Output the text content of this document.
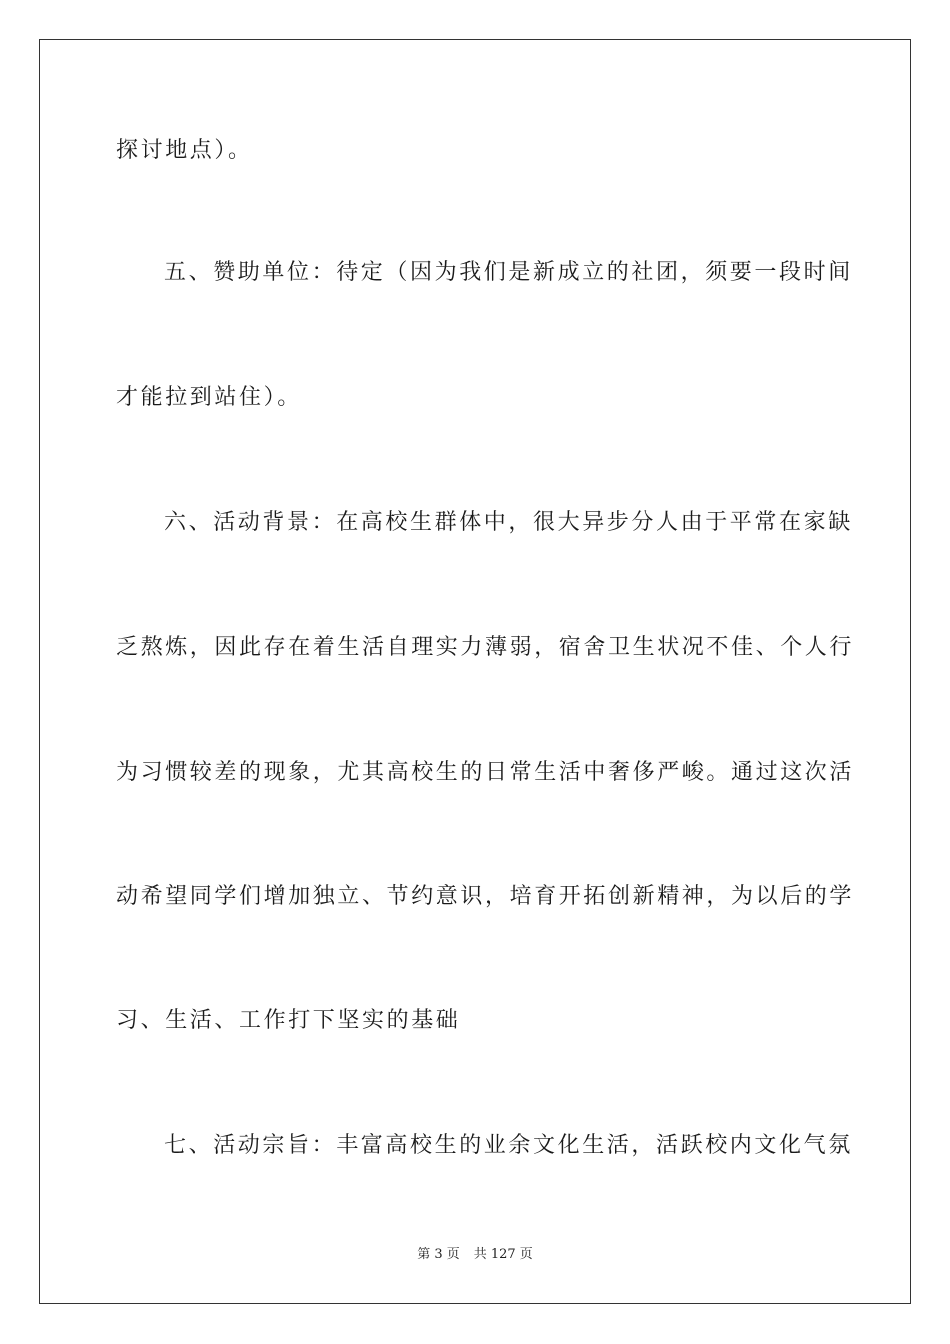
探讨地点）。
五、赞助单位：待定（因为我们是新成立的社团，须要一段时间
才能拉到站住）。
六、活动背景：在高校生群体中，很大异步分人由于平常在家缺
乏熬炼，因此存在着生活自理实力薄弱，宿舍卫生状况不佳、个人行
为习惯较差的现象，尤其高校生的日常生活中奢侈严峻。通过这次活
动希望同学们增加独立、节约意识，培育开拓创新精神，为以后的学
习、生活、工作打下坚实的基础
七、活动宗旨：丰富高校生的业余文化生活，活跃校内文化气氛
第 3 页 共 127 页
